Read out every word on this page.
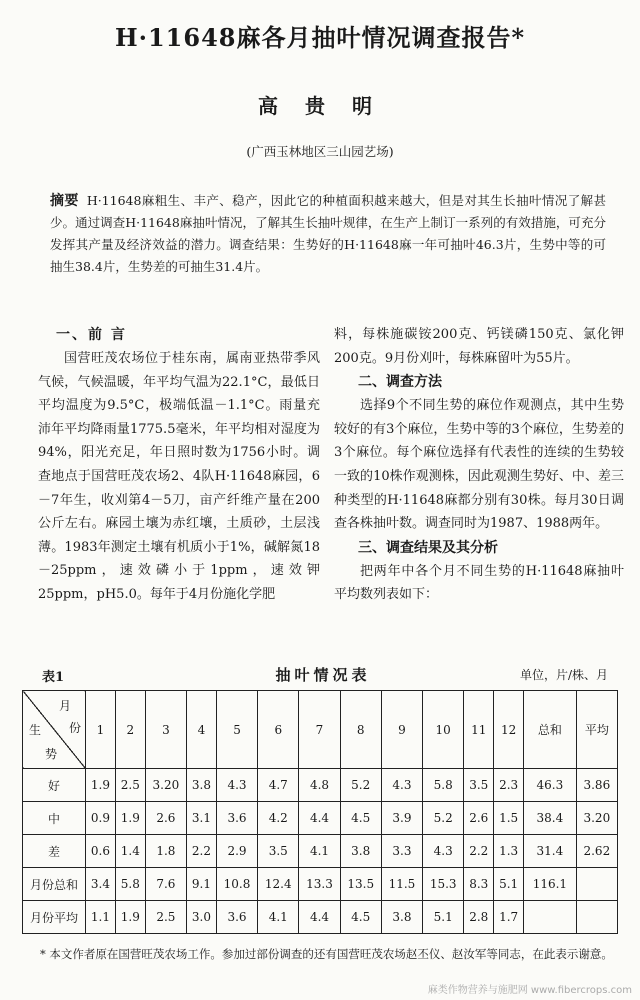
H·11648麻各月抽叶情况调查报告*
高 贵 明
(广西玉林地区三山园艺场)
摘要 H·11648麻粗生、丰产、稳产，因此它的种植面积越来越大，但是对其生长抽叶情况了解甚少。通过调查H·11648麻抽叶情况，了解其生长抽叶规律，在生产上制订一系列的有效措施，可充分发挥其产量及经济效益的潜力。调查结果：生势好的H·11648麻一年可抽叶46.3片，生势中等的可抽生38.4片，生势差的可抽生31.4片。
一、前 言

国营旺茂农场位于桂东南，属南亚热带季风气候，气候温暖，年平均气温为22.1°C，最低日平均温度为9.5°C，极端低温－1.1°C。雨量充沛年平均降雨量1775.5毫米，年平均相对湿度为94%，阳光充足，年日照时数为1756小时。调查地点于国营旺茂农场2、4队H·11648麻园，6－7年生，收刈第4－5刀，亩产纤维产量在200公斤左右。麻园土壤为赤红壤，土质砂，土层浅薄。1983年测定土壤有机质小于1%，碱解氮18－25ppm，速效磷小于1ppm，速效钾25ppm，pH5.0。每年于4月份施化学肥

料，每株施碳铵200克、钙镁磷150克、氯化钾200克。9月份刈叶，每株麻留叶为55片。

二、调查方法

选择9个不同生势的麻位作观测点，其中生势较好的有3个麻位，生势中等的3个麻位，生势差的3个麻位。每个麻位选择有代表性的连续的生势较一致的10株作观测株，因此观测生势好、中、差三种类型的H·11648麻都分别有30株。每月30日调查各株抽叶数。调查同时为1987、1988两年。

三、调查结果及其分析

把两年中各个月不同生势的H·11648麻抽叶平均数列表如下：

抽叶情况表
表1	单位，片/株、月
月
份
生
势	1	2	3	4	5	6	7	8	9	10	11	12	总和	平均
好	1.9	2.5	3.20	3.8	4.3	4.7	4.8	5.2	4.3	5.8	3.5	2.3	46.3	3.86
中	0.9	1.9	2.6	3.1	3.6	4.2	4.4	4.5	3.9	5.2	2.6	1.5	38.4	3.20
差	0.6	1.4	1.8	2.2	2.9	3.5	4.1	3.8	3.3	4.3	2.2	1.3	31.4	2.62
月份总和	3.4	5.8	7.6	9.1	10.8	12.4	13.3	13.5	11.5	15.3	8.3	5.1	116.1	
月份平均	1.1	1.9	2.5	3.0	3.6	4.1	4.4	4.5	3.8	5.1	2.8	1.7		
* 本文作者原在国营旺茂农场工作。参加过部份调查的还有国营旺茂农场赵丕仪、赵汝军等同志，在此表示谢意。
麻类作物营养与施肥网 www.fibercrops.com
